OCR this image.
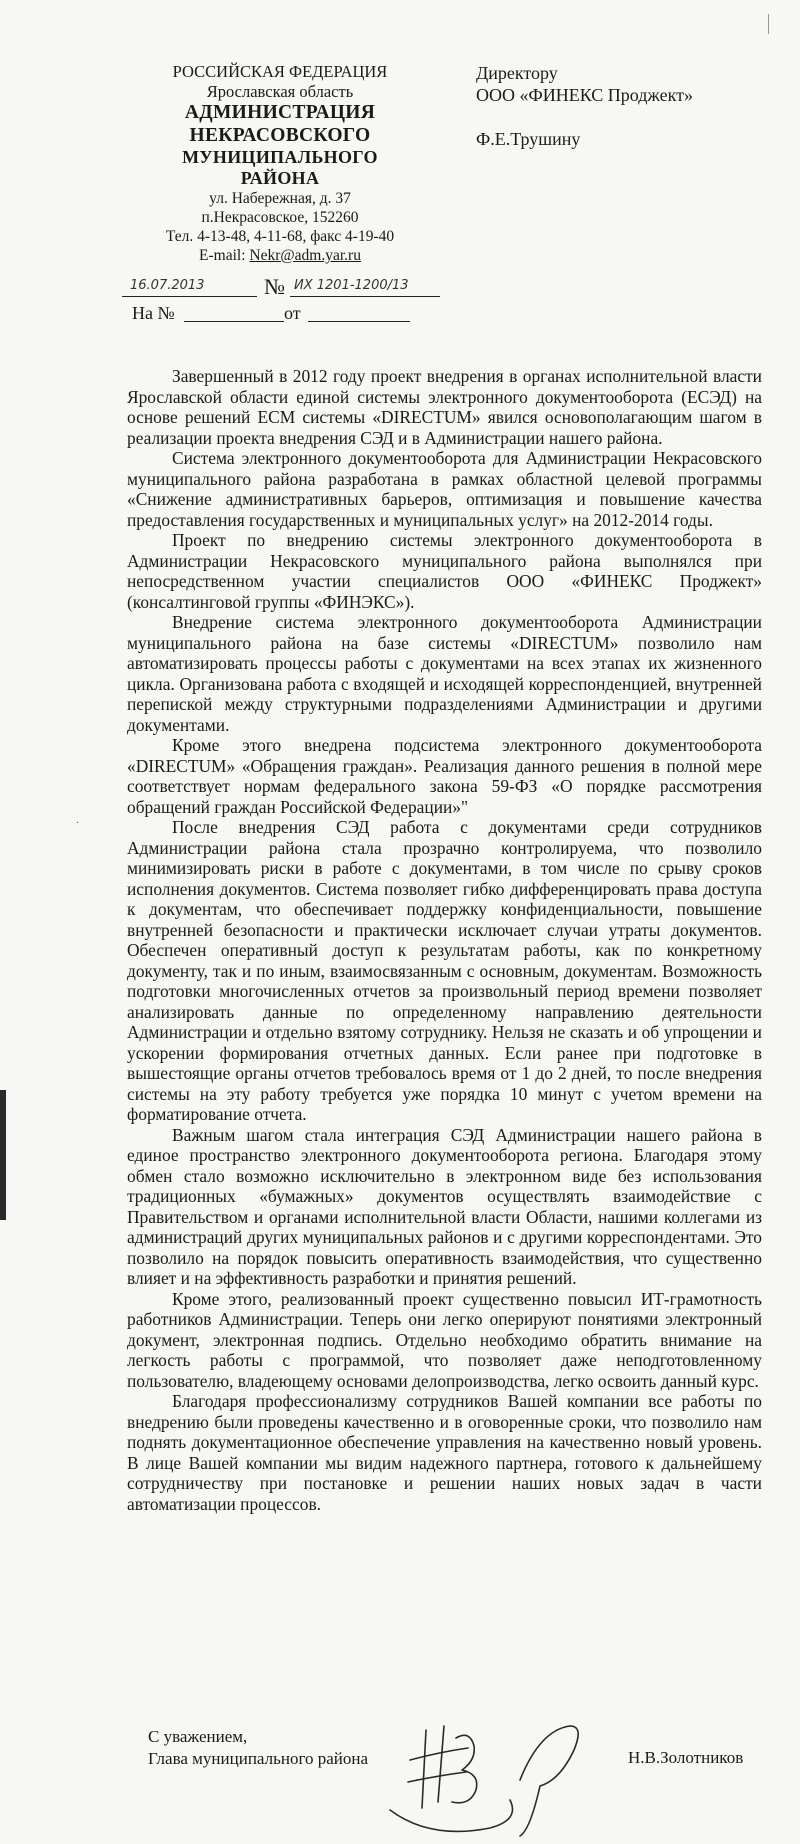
РОССИЙСКАЯ ФЕДЕРАЦИЯ
Ярославская область
АДМИНИСТРАЦИЯ
НЕКРАСОВСКОГО
МУНИЦИПАЛЬНОГО
РАЙОНА
ул. Набережная, д. 37
п.Некрасовское, 152260
Тел. 4-13-48, 4-11-68, факс 4-19-40
E-mail: Nekr@adm.yar.ru
16.07.2013	№ ИХ 1201-1200/13
На №	от
Директору
ООО «ФИНЕКС Проджект»
Ф.Е.Трушину
·

Завершенный в 2012 году проект внедрения в органах исполнительной власти Ярославской области единой системы электронного документооборота (ЕСЭД) на основе решений ЕСМ системы «DIRECTUM» явился основополагающим шагом в реализации проекта внедрения СЭД и в Администрации нашего района.

Система электронного документооборота для Администрации Некрасовского муниципального района разработана в рамках областной целевой программы «Снижение административных барьеров, оптимизация и повышение качества предоставления государственных и муниципальных услуг» на 2012-2014 годы.

Проект по внедрению системы электронного документооборота в Администрации Некрасовского муниципального района выполнялся при непосредственном участии специалистов ООО «ФИНЕКС Проджект» (консалтинговой группы «ФИНЭКС»).

Внедрение система электронного документооборота Администрации муниципального района на базе системы «DIRECTUM» позволило нам автоматизировать процессы работы с документами на всех этапах их жизненного цикла. Организована работа с входящей и исходящей корреспонденцией, внутренней перепиской между структурными подразделениями Администрации и другими документами.

Кроме этого внедрена подсистема электронного документооборота «DIRECTUM» «Обращения граждан». Реализация данного решения в полной мере соответствует нормам федерального закона 59-ФЗ «О порядке рассмотрения обращений граждан Российской Федерации»"

После внедрения СЭД работа с документами среди сотрудников Администрации района стала прозрачно контролируема, что позволило минимизировать риски в работе с документами, в том числе по срыву сроков исполнения документов. Система позволяет гибко дифференцировать права доступа к документам, что обеспечивает поддержку конфиденциальности, повышение внутренней безопасности и практически исключает случаи утраты документов. Обеспечен оперативный доступ к результатам работы, как по конкретному документу, так и по иным, взаимосвязанным с основным, документам. Возможность подготовки многочисленных отчетов за произвольный период времени позволяет анализировать данные по определенному направлению деятельности Администрации и отдельно взятому сотруднику. Нельзя не сказать и об упрощении и ускорении формирования отчетных данных. Если ранее при подготовке в вышестоящие органы отчетов требовалось время от 1 до 2 дней, то после внедрения системы на эту работу требуется уже порядка 10 минут с учетом времени на форматирование отчета.

Важным шагом стала интеграция СЭД Администрации нашего района в единое пространство электронного документооборота региона. Благодаря этому обмен стало возможно исключительно в электронном виде без использования традиционных «бумажных» документов осуществлять взаимодействие с Правительством и органами исполнительной власти Области, нашими коллегами из администраций других муниципальных районов и с другими корреспондентами. Это позволило на порядок повысить оперативность взаимодействия, что существенно влияет и на эффективность разработки и принятия решений.

Кроме этого, реализованный проект существенно повысил ИТ-грамотность работников Администрации. Теперь они легко оперируют понятиями электронный документ, электронная подпись. Отдельно необходимо обратить внимание на легкость работы с программой, что позволяет даже неподготовленному пользователю, владеющему основами делопроизводства, легко освоить данный курс.

Благодаря профессионализму сотрудников Вашей компании все работы по внедрению были проведены качественно и в оговоренные сроки, что позволило нам поднять документационное обеспечение управления на качественно новый уровень. В лице Вашей компании мы видим надежного партнера, готового к дальнейшему сотрудничеству при постановке и решении наших новых задач в части автоматизации процессов.

С уважением,
Глава муниципального района	Н.В.Золотников
